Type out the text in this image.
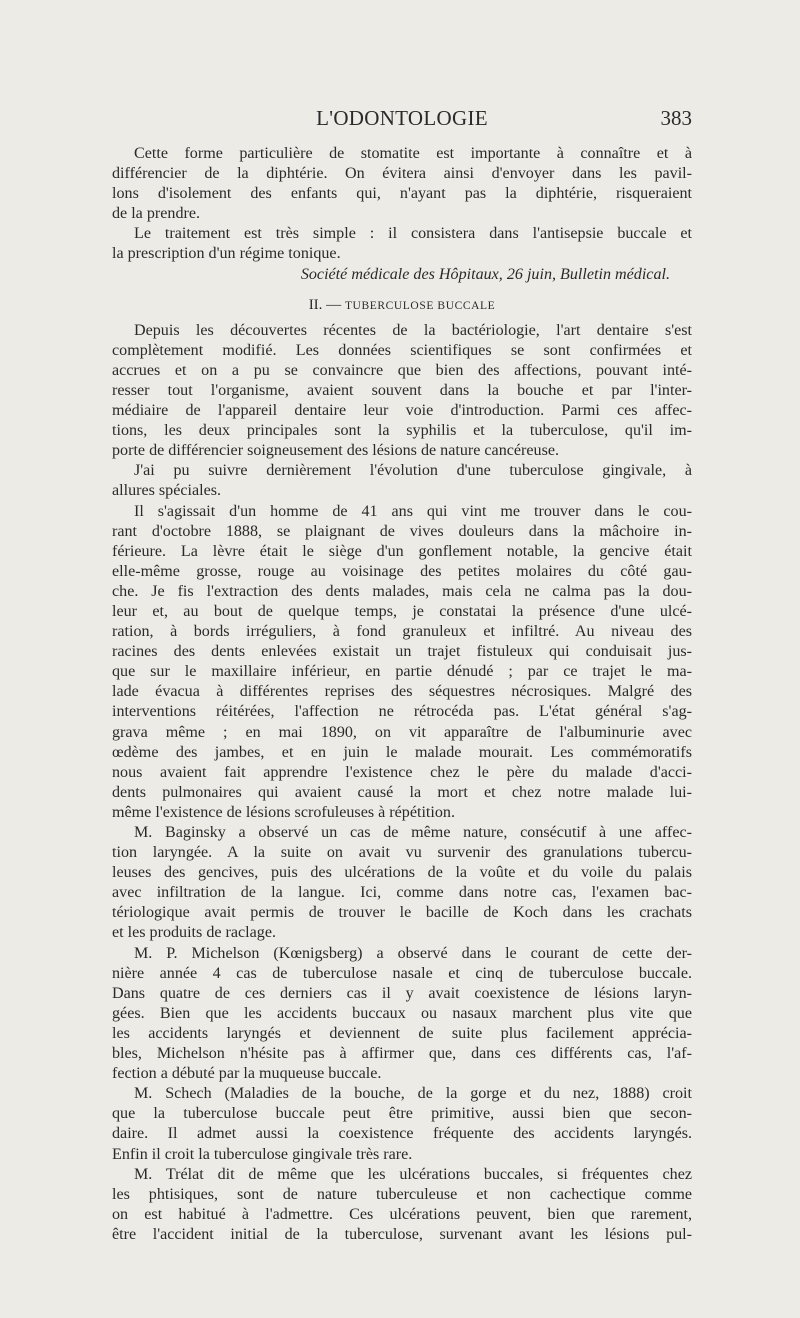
L'ODONTOLOGIE	383
Cette forme particulière de stomatite est importante à connaître et à
différencier de la diphtérie. On évitera ainsi d'envoyer dans les pavil-
lons d'isolement des enfants qui, n'ayant pas la diphtérie, risqueraient
de la prendre.
Le traitement est très simple : il consistera dans l'antisepsie buccale et
la prescription d'un régime tonique.
Société médicale des Hôpitaux, 26 juin, Bulletin médical.
II. — TUBERCULOSE BUCCALE
Depuis les découvertes récentes de la bactériologie, l'art dentaire s'est
complètement modifié. Les données scientifiques se sont confirmées et
accrues et on a pu se convaincre que bien des affections, pouvant inté-
resser tout l'organisme, avaient souvent dans la bouche et par l'inter-
médiaire de l'appareil dentaire leur voie d'introduction. Parmi ces affec-
tions, les deux principales sont la syphilis et la tuberculose, qu'il im-
porte de différencier soigneusement des lésions de nature cancéreuse.
J'ai pu suivre dernièrement l'évolution d'une tuberculose gingivale, à
allures spéciales.
Il s'agissait d'un homme de 41 ans qui vint me trouver dans le cou-
rant d'octobre 1888, se plaignant de vives douleurs dans la mâchoire in-
férieure. La lèvre était le siège d'un gonflement notable, la gencive était
elle-même grosse, rouge au voisinage des petites molaires du côté gau-
che. Je fis l'extraction des dents malades, mais cela ne calma pas la dou-
leur et, au bout de quelque temps, je constatai la présence d'une ulcé-
ration, à bords irréguliers, à fond granuleux et infiltré. Au niveau des
racines des dents enlevées existait un trajet fistuleux qui conduisait jus-
que sur le maxillaire inférieur, en partie dénudé ; par ce trajet le ma-
lade évacua à différentes reprises des séquestres nécrosiques. Malgré des
interventions réitérées, l'affection ne rétrocéda pas. L'état général s'ag-
grava même ; en mai 1890, on vit apparaître de l'albuminurie avec
œdème des jambes, et en juin le malade mourait. Les commémoratifs
nous avaient fait apprendre l'existence chez le père du malade d'acci-
dents pulmonaires qui avaient causé la mort et chez notre malade lui-
même l'existence de lésions scrofuleuses à répétition.
M. Baginsky a observé un cas de même nature, consécutif à une affec-
tion laryngée. A la suite on avait vu survenir des granulations tubercu-
leuses des gencives, puis des ulcérations de la voûte et du voile du palais
avec infiltration de la langue. Ici, comme dans notre cas, l'examen bac-
tériologique avait permis de trouver le bacille de Koch dans les crachats
et les produits de raclage.
M. P. Michelson (Kœnigsberg) a observé dans le courant de cette der-
nière année 4 cas de tuberculose nasale et cinq de tuberculose buccale.
Dans quatre de ces derniers cas il y avait coexistence de lésions laryn-
gées. Bien que les accidents buccaux ou nasaux marchent plus vite que
les accidents laryngés et deviennent de suite plus facilement apprécia-
bles, Michelson n'hésite pas à affirmer que, dans ces différents cas, l'af-
fection a débuté par la muqueuse buccale.
M. Schech (Maladies de la bouche, de la gorge et du nez, 1888) croit
que la tuberculose buccale peut être primitive, aussi bien que secon-
daire. Il admet aussi la coexistence fréquente des accidents laryngés.
Enfin il croit la tuberculose gingivale très rare.
M. Trélat dit de même que les ulcérations buccales, si fréquentes chez
les phtisiques, sont de nature tuberculeuse et non cachectique comme
on est habitué à l'admettre. Ces ulcérations peuvent, bien que rarement,
être l'accident initial de la tuberculose, survenant avant les lésions pul-
